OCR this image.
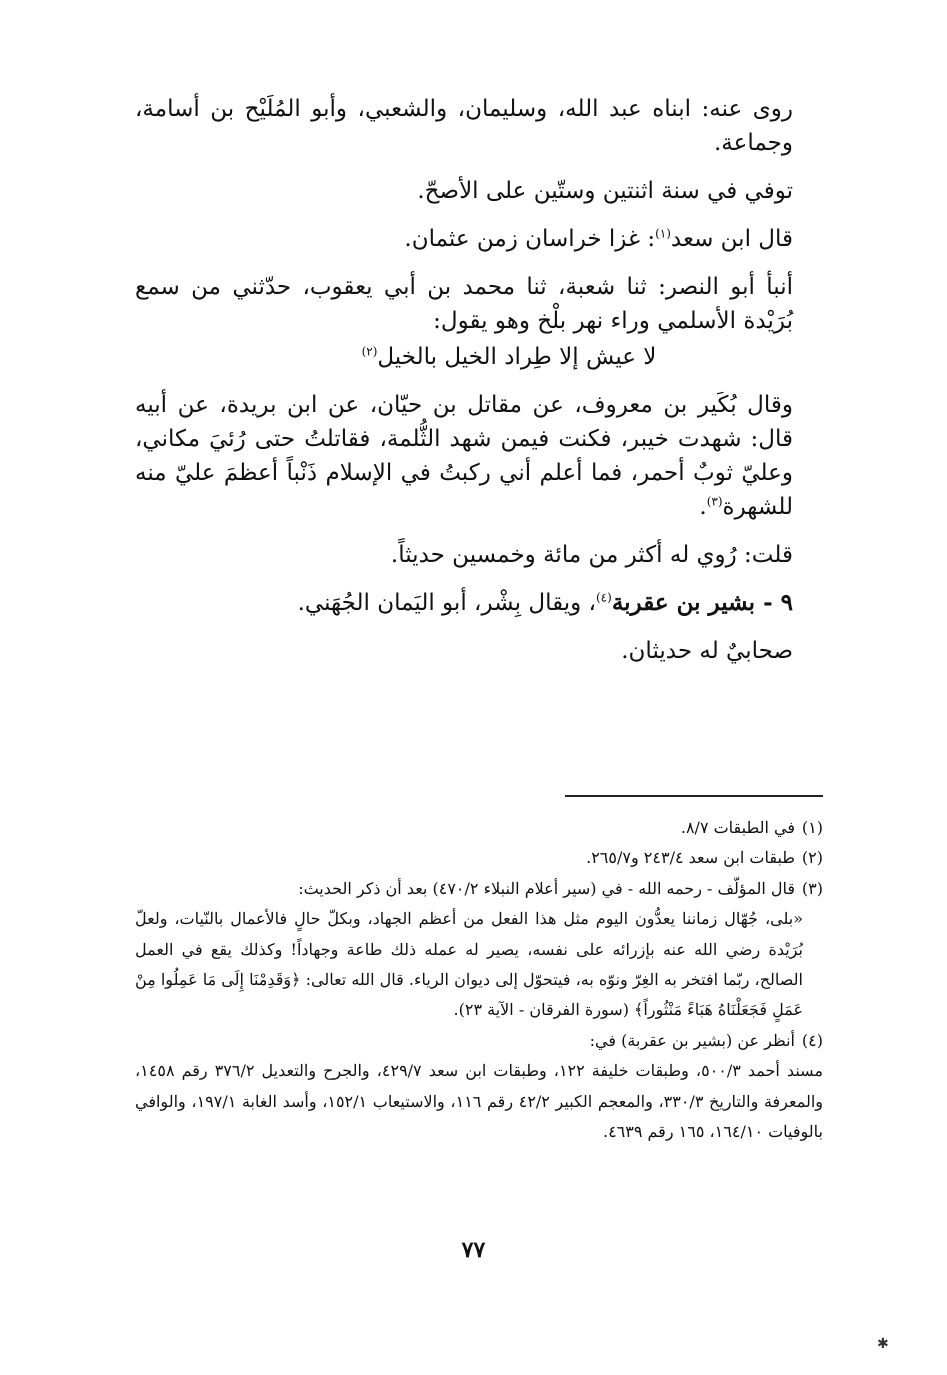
روى عنه: ابناه عبد الله، وسليمان، والشعبي، وأبو المُلَيْح بن أسامة، وجماعة.

توفي في سنة اثنتين وستّين على الأصحّ.

قال ابن سعد$^{(١)}$: غزا خراسان زمن عثمان.

أنبأ أبو النصر: ثنا شعبة، ثنا محمد بن أبي يعقوب، حدّثني من سمع بُرَيْدة الأسلمي وراء نهر بلْخ وهو يقول:

لا عيش إلا طِراد الخيل بالخيل$^{(٢)}$

وقال بُكَير بن معروف، عن مقاتل بن حيّان، عن ابن بريدة، عن أبيه قال: شهدت خيبر، فكنت فيمن شهد الثُّلمة، فقاتلتُ حتى رُئيَ مكاني، وعليّ ثوبٌ أحمر، فما أعلم أني ركبتُ في الإسلام ذَنْباً أعظمَ عليّ منه للشهرة$^{(٣)}$.

قلت: رُوي له أكثر من مائة وخمسين حديثاً.

٩ - بشير بن عقربة$^{(٤)}$، ويقال بِشْر، أبو اليَمان الجُهَني.

صحابيٌ له حديثان.

(١)في الطبقات ٨/٧.

(٢)طبقات ابن سعد ٢٤٣/٤ و٢٦٥/٧.

(٣)قال المؤلّف - رحمه الله - في (سير أعلام النبلاء ٤٧٠/٢) بعد أن ذكر الحديث:

«بلى، جُهّال زماننا يعدُّون اليوم مثل هذا الفعل من أعظم الجهاد، وبكلّ حالٍ فالأعمال بالنّيات، ولعلّ بُرَيْدة رضي الله عنه بإزرائه على نفسه، يصير له عمله ذلك طاعة وجهاداً! وكذلك يقع في العمل الصالح، ربّما افتخر به الغِرّ ونوّه به، فيتحوّل إلى ديوان الرياء. قال الله تعالى: ﴿وَقَدِمْنَا إِلَى مَا عَمِلُوا مِنْ عَمَلٍ فَجَعَلْنَاهُ هَبَاءً مَنْثُوراً﴾ (سورة الفرقان - الآية ٢٣).

(٤)أنظر عن (بشير بن عقربة) في:

مسند أحمد ٥٠٠/٣، وطبقات خليفة ١٢٢، وطبقات ابن سعد ٤٢٩/٧، والجرح والتعديل ٣٧٦/٢ رقم ١٤٥٨، والمعرفة والتاريخ ٣٣٠/٣، والمعجم الكبير ٤٢/٢ رقم ١١٦، والاستيعاب ١٥٢/١، وأسد الغابة ١٩٧/١، والوافي بالوفيات ١٦٤/١٠، ١٦٥ رقم ٤٦٣٩.

٧٧
✱
